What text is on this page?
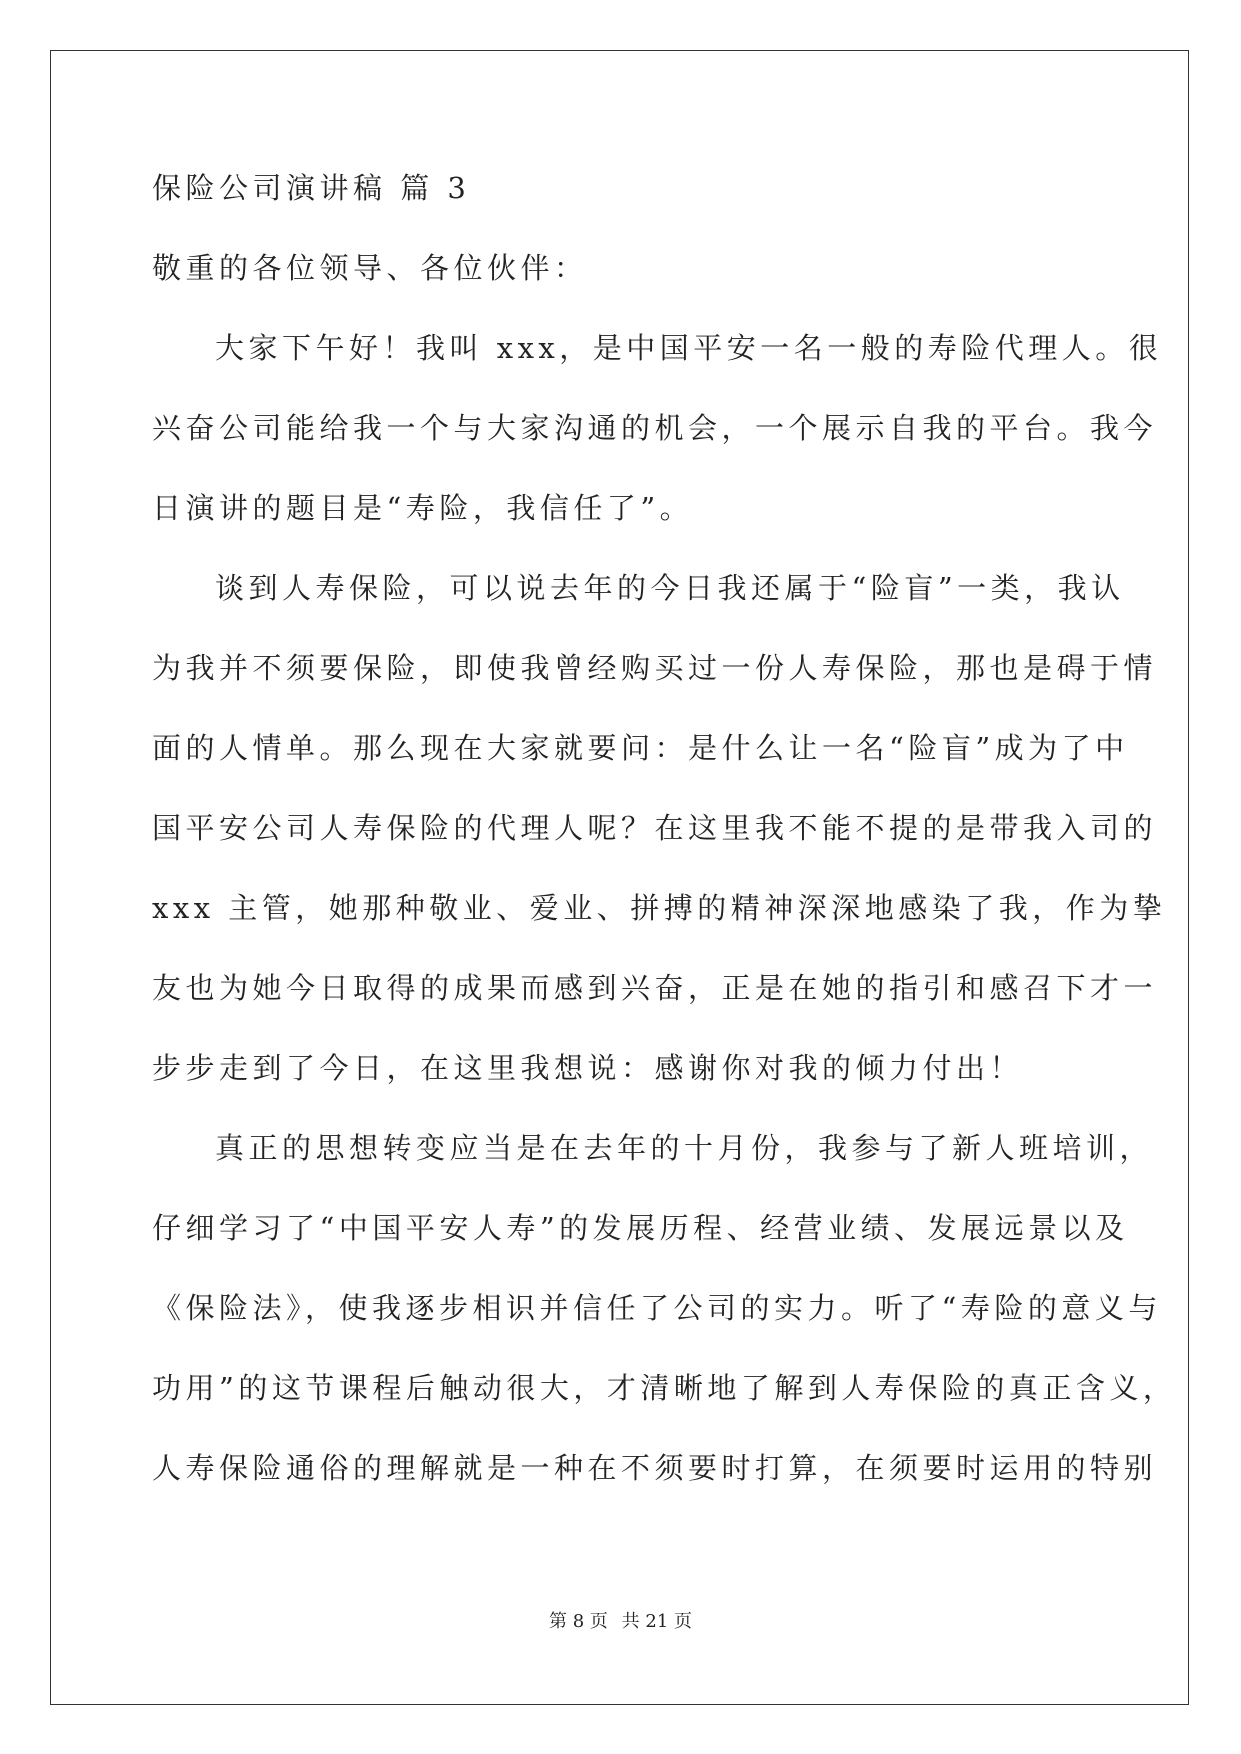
保险公司演讲稿 篇 3
敬重的各位领导、各位伙伴：
大家下午好！我叫 xxx，是中国平安一名一般的寿险代理人。很
兴奋公司能给我一个与大家沟通的机会，一个展示自我的平台。我今
日演讲的题目是“寿险，我信任了”。
谈到人寿保险，可以说去年的今日我还属于“险盲”一类，我认
为我并不须要保险，即使我曾经购买过一份人寿保险，那也是碍于情
面的人情单。那么现在大家就要问：是什么让一名“险盲”成为了中
国平安公司人寿保险的代理人呢？在这里我不能不提的是带我入司的
xxx 主管，她那种敬业、爱业、拼搏的精神深深地感染了我，作为挚
友也为她今日取得的成果而感到兴奋，正是在她的指引和感召下才一
步步走到了今日，在这里我想说：感谢你对我的倾力付出！
真正的思想转变应当是在去年的十月份，我参与了新人班培训，
仔细学习了“中国平安人寿”的发展历程、经营业绩、发展远景以及
《保险法》，使我逐步相识并信任了公司的实力。听了“寿险的意义与
功用”的这节课程后触动很大，才清晰地了解到人寿保险的真正含义，
人寿保险通俗的理解就是一种在不须要时打算，在须要时运用的特别
第 8 页 共 21 页
